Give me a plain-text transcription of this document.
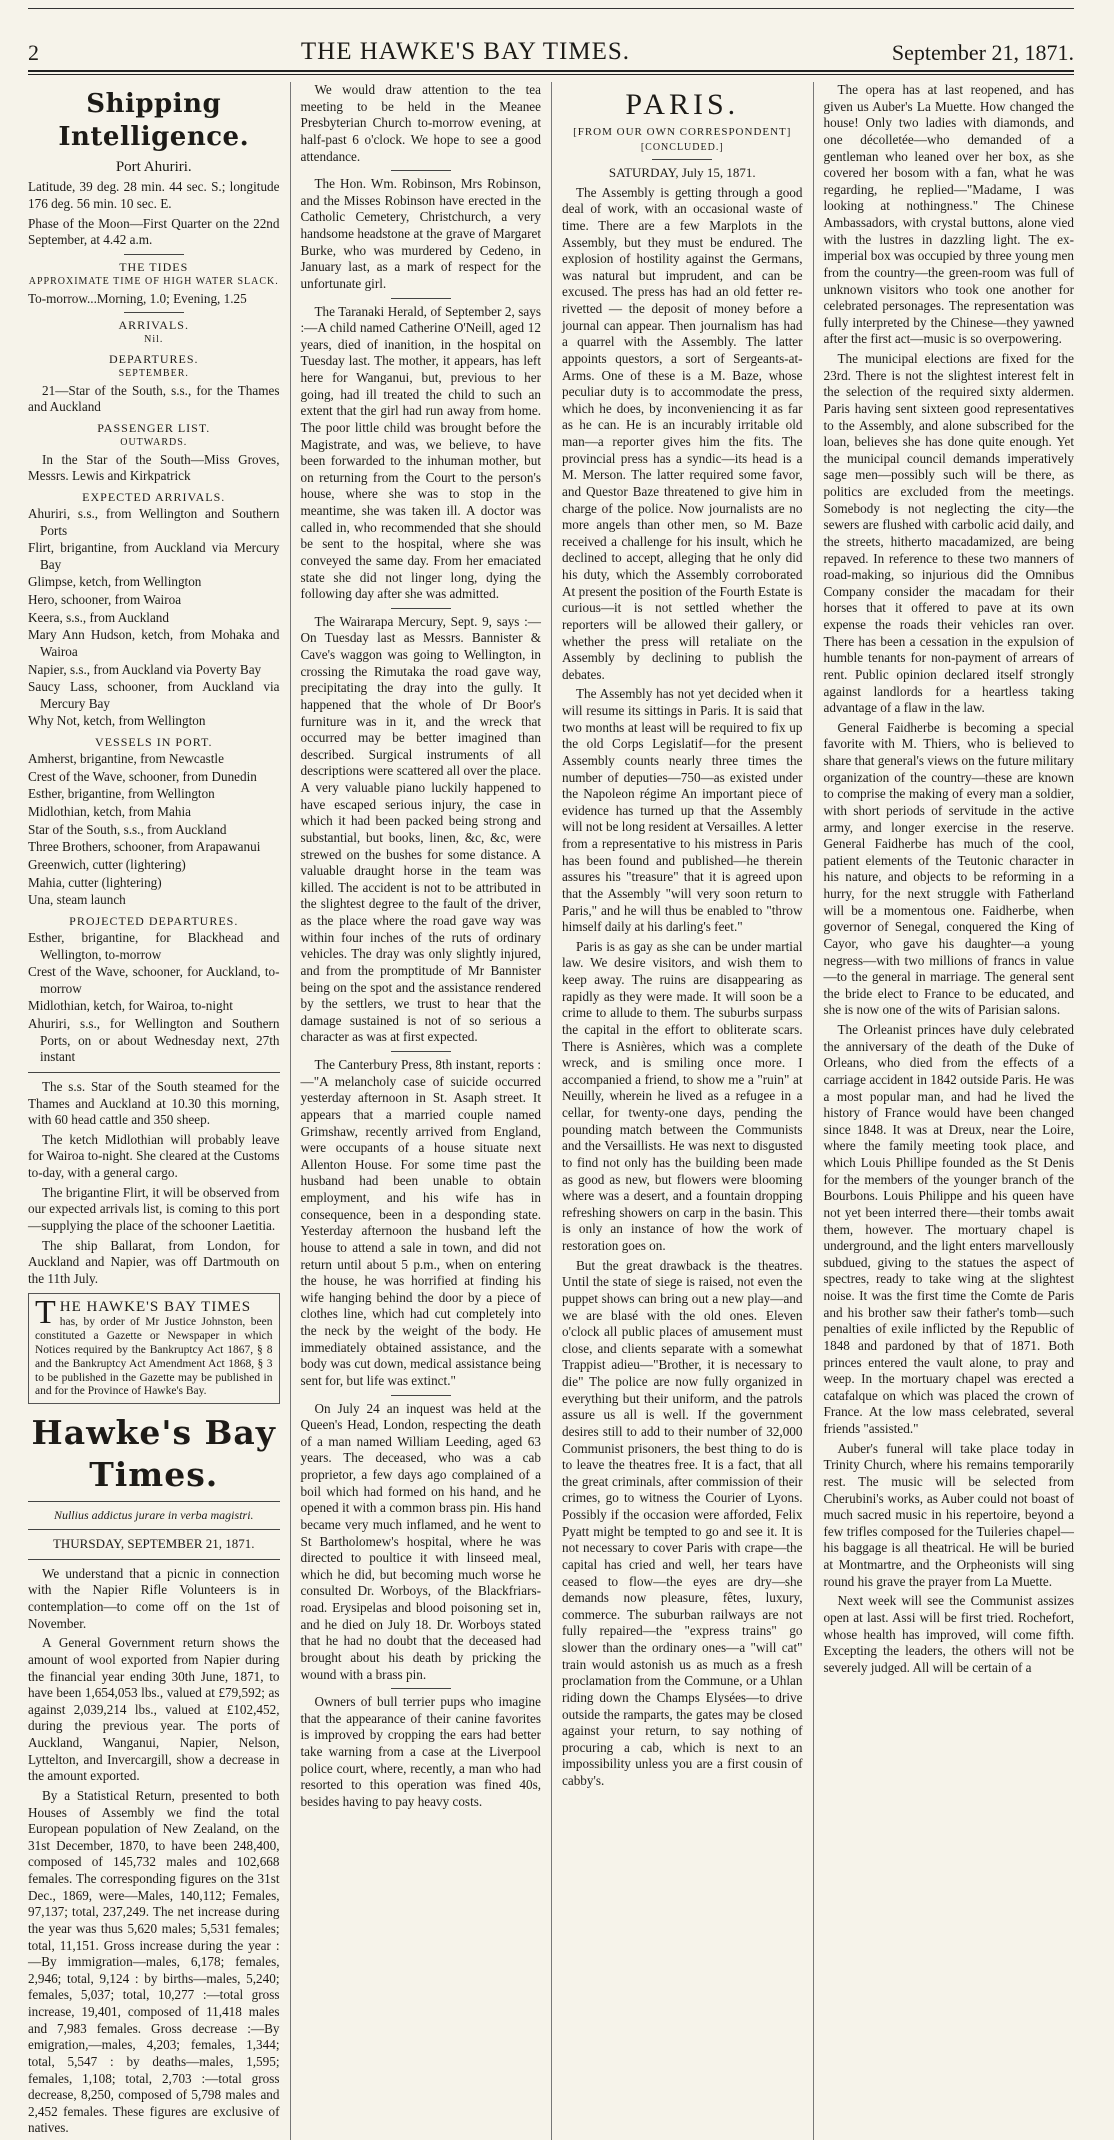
2	THE HAWKE'S BAY TIMES.	September 21, 1871.
Shipping Intelligence.
Port Ahuriri.

Latitude, 39 deg. 28 min. 44 sec. S.; longitude 176 deg. 56 min. 10 sec. E.

Phase of the Moon—First Quarter on the 22nd September, at 4.42 a.m.

THE TIDES
APPROXIMATE TIME OF HIGH WATER SLACK.

To-morrow...Morning, 1.0; Evening, 1.25

ARRIVALS.
Nil.
DEPARTURES.
SEPTEMBER.

21—Star of the South, s.s., for the Thames and Auckland

PASSENGER LIST.
OUTWARDS.

In the Star of the South—Miss Groves, Messrs. Lewis and Kirkpatrick

EXPECTED ARRIVALS.

Ahuriri, s.s., from Wellington and Southern Ports

Flirt, brigantine, from Auckland via Mercury Bay

Glimpse, ketch, from Wellington

Hero, schooner, from Wairoa

Keera, s.s., from Auckland

Mary Ann Hudson, ketch, from Mohaka and Wairoa

Napier, s.s., from Auckland via Poverty Bay

Saucy Lass, schooner, from Auckland via Mercury Bay

Why Not, ketch, from Wellington

VESSELS IN PORT.

Amherst, brigantine, from Newcastle

Crest of the Wave, schooner, from Dunedin

Esther, brigantine, from Wellington

Midlothian, ketch, from Mahia

Star of the South, s.s., from Auckland

Three Brothers, schooner, from Arapawanui

Greenwich, cutter (lightering)

Mahia, cutter (lightering)

Una, steam launch

PROJECTED DEPARTURES.

Esther, brigantine, for Blackhead and Wellington, to-morrow

Crest of the Wave, schooner, for Auckland, to-morrow

Midlothian, ketch, for Wairoa, to-night

Ahuriri, s.s., for Wellington and Southern Ports, on or about Wednesday next, 27th instant

The s.s. Star of the South steamed for the Thames and Auckland at 10.30 this morning, with 60 head cattle and 350 sheep.

The ketch Midlothian will probably leave for Wairoa to-night. She cleared at the Customs to-day, with a general cargo.

The brigantine Flirt, it will be observed from our expected arrivals list, is coming to this port—supplying the place of the schooner Laetitia.

The ship Ballarat, from London, for Auckland and Napier, was off Dartmouth on the 11th July.

T HE HAWKE'S BAY TIMES
has, by order of Mr Justice Johnston, been constituted a Gazette or Newspaper in which Notices required by the Bankruptcy Act 1867, § 8 and the Bankruptcy Act Amendment Act 1868, § 3 to be published in the Gazette may be published in and for the Province of Hawke's Bay.
Hawke's Bay Times.
Nullius addictus jurare in verba magistri.
THURSDAY, SEPTEMBER 21, 1871.

We understand that a picnic in connection with the Napier Rifle Volunteers is in contemplation—to come off on the 1st of November.

A General Government return shows the amount of wool exported from Napier during the financial year ending 30th June, 1871, to have been 1,654,053 lbs., valued at £79,592; as against 2,039,214 lbs., valued at £102,452, during the previous year. The ports of Auckland, Wanganui, Napier, Nelson, Lyttelton, and Invercargill, show a decrease in the amount exported.

By a Statistical Return, presented to both Houses of Assembly we find the total European population of New Zealand, on the 31st December, 1870, to have been 248,400, composed of 145,732 males and 102,668 females. The corresponding figures on the 31st Dec., 1869, were—Males, 140,112; Females, 97,137; total, 237,249. The net increase during the year was thus 5,620 males; 5,531 females; total, 11,151. Gross increase during the year :—By immigration—males, 6,178; females, 2,946; total, 9,124 : by births—males, 5,240; females, 5,037; total, 10,277 :—total gross increase, 19,401, composed of 11,418 males and 7,983 females. Gross decrease :—By emigration,—males, 4,203; females, 1,344; total, 5,547 : by deaths—males, 1,595; females, 1,108; total, 2,703 :—total gross decrease, 8,250, composed of 5,798 males and 2,452 females. These figures are exclusive of natives.

We would draw attention to the tea meeting to be held in the Meanee Presbyterian Church to-morrow evening, at half-past 6 o'clock. We hope to see a good attendance.

The Hon. Wm. Robinson, Mrs Robinson, and the Misses Robinson have erected in the Catholic Cemetery, Christchurch, a very handsome headstone at the grave of Margaret Burke, who was murdered by Cedeno, in January last, as a mark of respect for the unfortunate girl.

The Taranaki Herald, of September 2, says :—A child named Catherine O'Neill, aged 12 years, died of inanition, in the hospital on Tuesday last. The mother, it appears, has left here for Wanganui, but, previous to her going, had ill treated the child to such an extent that the girl had run away from home. The poor little child was brought before the Magistrate, and was, we believe, to have been forwarded to the inhuman mother, but on returning from the Court to the person's house, where she was to stop in the meantime, she was taken ill. A doctor was called in, who recommended that she should be sent to the hospital, where she was conveyed the same day. From her emaciated state she did not linger long, dying the following day after she was admitted.

The Wairarapa Mercury, Sept. 9, says :—On Tuesday last as Messrs. Bannister & Cave's waggon was going to Wellington, in crossing the Rimutaka the road gave way, precipitating the dray into the gully. It happened that the whole of Dr Boor's furniture was in it, and the wreck that occurred may be better imagined than described. Surgical instruments of all descriptions were scattered all over the place. A very valuable piano luckily happened to have escaped serious injury, the case in which it had been packed being strong and substantial, but books, linen, &c, &c, were strewed on the bushes for some distance. A valuable draught horse in the team was killed. The accident is not to be attributed in the slightest degree to the fault of the driver, as the place where the road gave way was within four inches of the ruts of ordinary vehicles. The dray was only slightly injured, and from the promptitude of Mr Bannister being on the spot and the assistance rendered by the settlers, we trust to hear that the damage sustained is not of so serious a character as was at first expected.

The Canterbury Press, 8th instant, reports :—"A melancholy case of suicide occurred yesterday afternoon in St. Asaph street. It appears that a married couple named Grimshaw, recently arrived from England, were occupants of a house situate next Allenton House. For some time past the husband had been unable to obtain employment, and his wife has in consequence, been in a desponding state. Yesterday afternoon the husband left the house to attend a sale in town, and did not return until about 5 p.m., when on entering the house, he was horrified at finding his wife hanging behind the door by a piece of clothes line, which had cut completely into the neck by the weight of the body. He immediately obtained assistance, and the body was cut down, medical assistance being sent for, but life was extinct."

On July 24 an inquest was held at the Queen's Head, London, respecting the death of a man named William Leeding, aged 63 years. The deceased, who was a cab proprietor, a few days ago complained of a boil which had formed on his hand, and he opened it with a common brass pin. His hand became very much inflamed, and he went to St Bartholomew's hospital, where he was directed to poultice it with linseed meal, which he did, but becoming much worse he consulted Dr. Worboys, of the Blackfriars-road. Erysipelas and blood poisoning set in, and he died on July 18. Dr. Worboys stated that he had no doubt that the deceased had brought about his death by pricking the wound with a brass pin.

Owners of bull terrier pups who imagine that the appearance of their canine favorites is improved by cropping the ears had better take warning from a case at the Liverpool police court, where, recently, a man who had resorted to this operation was fined 40s, besides having to pay heavy costs.

PARIS.
[FROM OUR OWN CORRESPONDENT]
[CONCLUDED.]
SATURDAY, July 15, 1871.

The Assembly is getting through a good deal of work, with an occasional waste of time. There are a few Marplots in the Assembly, but they must be endured. The explosion of hostility against the Germans, was natural but imprudent, and can be excused. The press has had an old fetter re-rivetted — the deposit of money before a journal can appear. Then journalism has had a quarrel with the Assembly. The latter appoints questors, a sort of Sergeants-at-Arms. One of these is a M. Baze, whose peculiar duty is to accommodate the press, which he does, by inconveniencing it as far as he can. He is an incurably irritable old man—a reporter gives him the fits. The provincial press has a syndic—its head is a M. Merson. The latter required some favor, and Questor Baze threatened to give him in charge of the police. Now journalists are no more angels than other men, so M. Baze received a challenge for his insult, which he declined to accept, alleging that he only did his duty, which the Assembly corroborated At present the position of the Fourth Estate is curious—it is not settled whether the reporters will be allowed their gallery, or whether the press will retaliate on the Assembly by declining to publish the debates.

The Assembly has not yet decided when it will resume its sittings in Paris. It is said that two months at least will be required to fix up the old Corps Legislatif—for the present Assembly counts nearly three times the number of deputies—750—as existed under the Napoleon régime An important piece of evidence has turned up that the Assembly will not be long resident at Versailles. A letter from a representative to his mistress in Paris has been found and published—he therein assures his "treasure" that it is agreed upon that the Assembly "will very soon return to Paris," and he will thus be enabled to "throw himself daily at his darling's feet."

Paris is as gay as she can be under martial law. We desire visitors, and wish them to keep away. The ruins are disappearing as rapidly as they were made. It will soon be a crime to allude to them. The suburbs surpass the capital in the effort to obliterate scars. There is Asnières, which was a complete wreck, and is smiling once more. I accompanied a friend, to show me a "ruin" at Neuilly, wherein he lived as a refugee in a cellar, for twenty-one days, pending the pounding match between the Communists and the Versaillists. He was next to disgusted to find not only has the building been made as good as new, but flowers were blooming where was a desert, and a fountain dropping refreshing showers on carp in the basin. This is only an instance of how the work of restoration goes on.

But the great drawback is the theatres. Until the state of siege is raised, not even the puppet shows can bring out a new play—and we are blasé with the old ones. Eleven o'clock all public places of amusement must close, and clients separate with a somewhat Trappist adieu—"Brother, it is necessary to die" The police are now fully organized in everything but their uniform, and the patrols assure us all is well. If the government desires still to add to their number of 32,000 Communist prisoners, the best thing to do is to leave the theatres free. It is a fact, that all the great criminals, after commission of their crimes, go to witness the Courier of Lyons. Possibly if the occasion were afforded, Felix Pyatt might be tempted to go and see it. It is not necessary to cover Paris with crape—the capital has cried and well, her tears have ceased to flow—the eyes are dry—she demands now pleasure, fêtes, luxury, commerce. The suburban railways are not fully repaired—the "express trains" go slower than the ordinary ones—a "will cat" train would astonish us as much as a fresh proclamation from the Commune, or a Uhlan riding down the Champs Elysées—to drive outside the ramparts, the gates may be closed against your return, to say nothing of procuring a cab, which is next to an impossibility unless you are a first cousin of cabby's.

The opera has at last reopened, and has given us Auber's La Muette. How changed the house! Only two ladies with diamonds, and one décolletée—who demanded of a gentleman who leaned over her box, as she covered her bosom with a fan, what he was regarding, he replied—"Madame, I was looking at nothingness." The Chinese Ambassadors, with crystal buttons, alone vied with the lustres in dazzling light. The ex-imperial box was occupied by three young men from the country—the green-room was full of unknown visitors who took one another for celebrated personages. The representation was fully interpreted by the Chinese—they yawned after the first act—music is so overpowering.

The municipal elections are fixed for the 23rd. There is not the slightest interest felt in the selection of the required sixty aldermen. Paris having sent sixteen good representatives to the Assembly, and alone subscribed for the loan, believes she has done quite enough. Yet the municipal council demands imperatively sage men—possibly such will be there, as politics are excluded from the meetings. Somebody is not neglecting the city—the sewers are flushed with carbolic acid daily, and the streets, hitherto macadamized, are being repaved. In reference to these two manners of road-making, so injurious did the Omnibus Company consider the macadam for their horses that it offered to pave at its own expense the roads their vehicles ran over. There has been a cessation in the expulsion of humble tenants for non-payment of arrears of rent. Public opinion declared itself strongly against landlords for a heartless taking advantage of a flaw in the law.

General Faidherbe is becoming a special favorite with M. Thiers, who is believed to share that general's views on the future military organization of the country—these are known to comprise the making of every man a soldier, with short periods of servitude in the active army, and longer exercise in the reserve. General Faidherbe has much of the cool, patient elements of the Teutonic character in his nature, and objects to be reforming in a hurry, for the next struggle with Fatherland will be a momentous one. Faidherbe, when governor of Senegal, conquered the King of Cayor, who gave his daughter—a young negress—with two millions of francs in value—to the general in marriage. The general sent the bride elect to France to be educated, and she is now one of the wits of Parisian salons.

The Orleanist princes have duly celebrated the anniversary of the death of the Duke of Orleans, who died from the effects of a carriage accident in 1842 outside Paris. He was a most popular man, and had he lived the history of France would have been changed since 1848. It was at Dreux, near the Loire, where the family meeting took place, and which Louis Phillipe founded as the St Denis for the members of the younger branch of the Bourbons. Louis Philippe and his queen have not yet been interred there—their tombs await them, however. The mortuary chapel is underground, and the light enters marvellously subdued, giving to the statues the aspect of spectres, ready to take wing at the slightest noise. It was the first time the Comte de Paris and his brother saw their father's tomb—such penalties of exile inflicted by the Republic of 1848 and pardoned by that of 1871. Both princes entered the vault alone, to pray and weep. In the mortuary chapel was erected a catafalque on which was placed the crown of France. At the low mass celebrated, several friends "assisted."

Auber's funeral will take place today in Trinity Church, where his remains temporarily rest. The music will be selected from Cherubini's works, as Auber could not boast of much sacred music in his repertoire, beyond a few trifles composed for the Tuileries chapel—his baggage is all theatrical. He will be buried at Montmartre, and the Orpheonists will sing round his grave the prayer from La Muette.

Next week will see the Communist assizes open at last. Assi will be first tried. Rochefort, whose health has improved, will come fifth. Excepting the leaders, the others will not be severely judged. All will be certain of a
